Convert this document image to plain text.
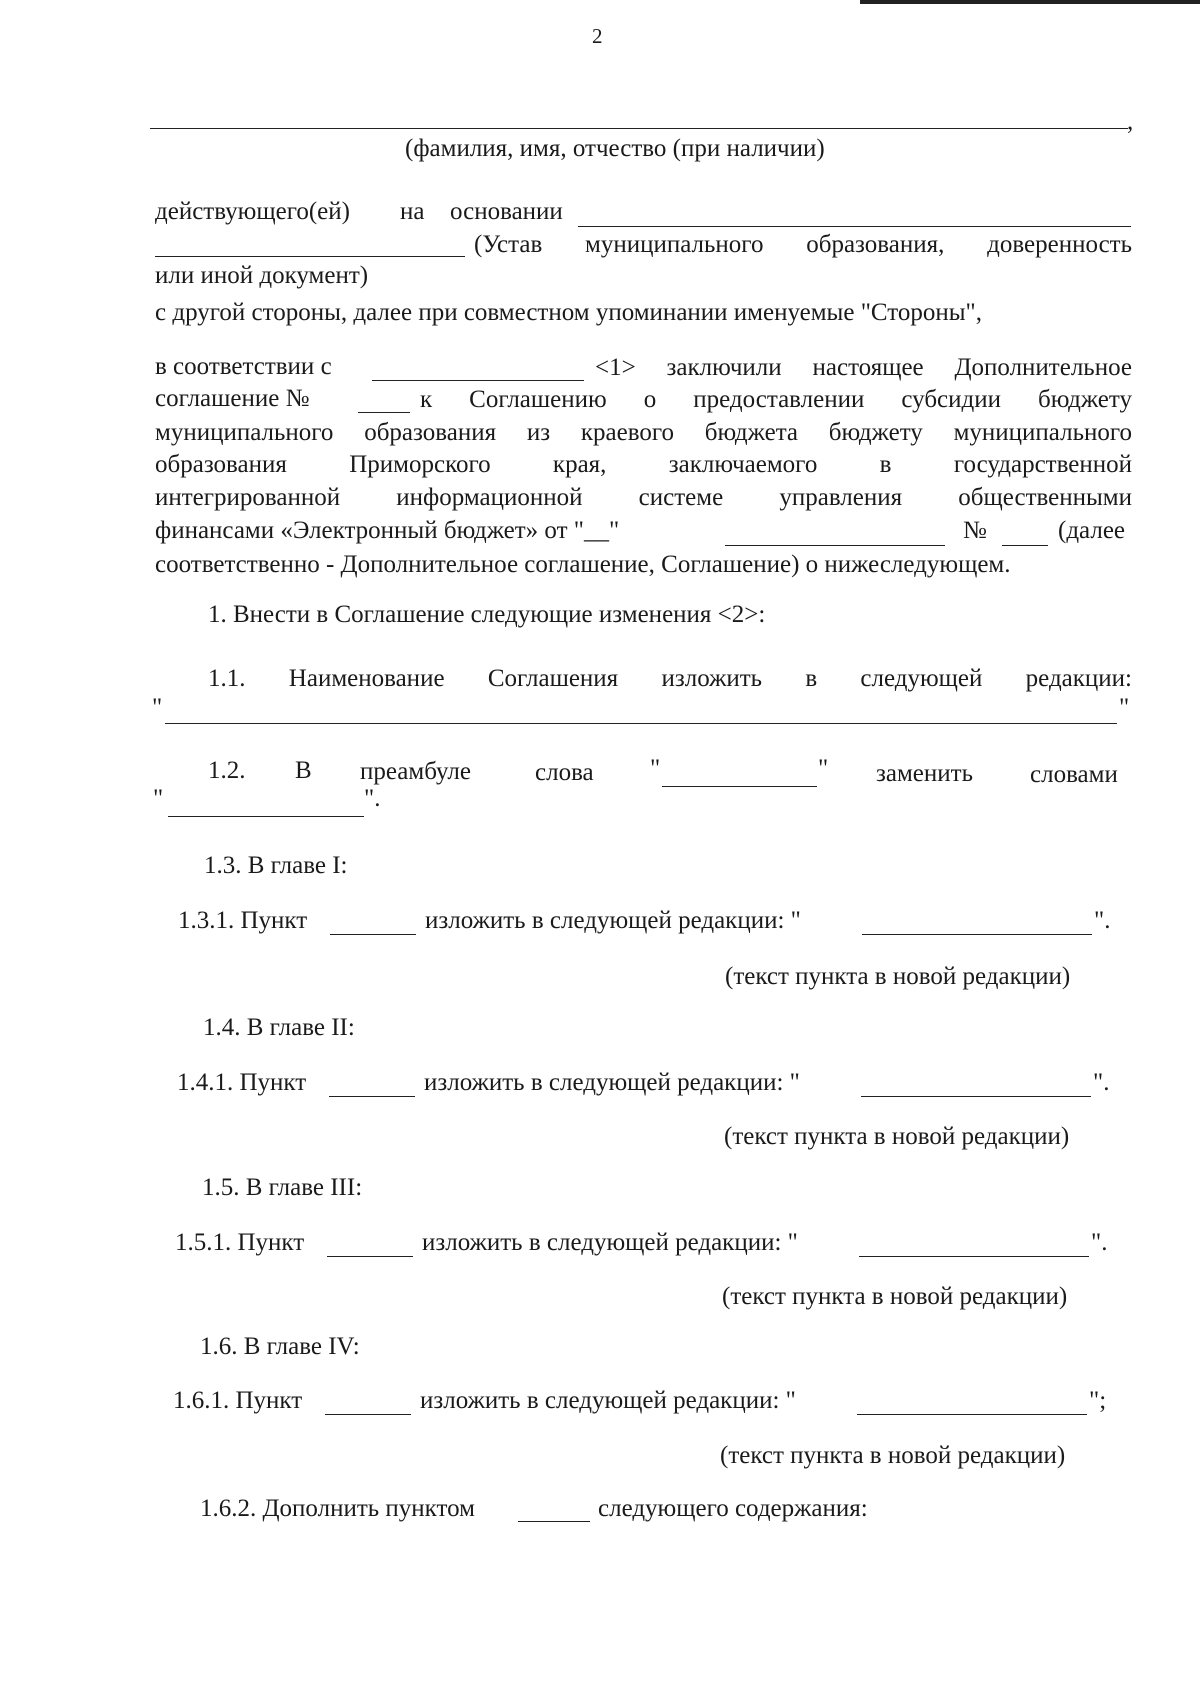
2
,
(фамилия, имя, отчество (при наличии)
действующего(ей) на основании
(Устав муниципального образования, доверенность
или иной документ)
с другой стороны, далее при совместном упоминании именуемые "Стороны",
в соответствии с	<1> заключили настоящее Дополнительное
соглашение №	к Соглашению о предоставлении субсидии бюджету
муниципального образования из краевого бюджета бюджету муниципального
образования Приморского края, заключаемого в государственной
интегрированной информационной системе управления общественными
финансами «Электронный бюджет» от "__"	№	(далее
соответственно - Дополнительное соглашение, Соглашение) о нижеследующем.
1. Внести в Соглашение следующие изменения <2>:
1.1. Наименование Соглашения изложить в следующей редакции:
"	"
1.2. В преамбуле	слова "	" заменить словами
"	".
1.3. В главе I:
1.3.1. Пункт	изложить в следующей редакции: "	".
(текст пункта в новой редакции)
1.4. В главе II:
1.4.1. Пункт	изложить в следующей редакции: "	".
(текст пункта в новой редакции)
1.5. В главе III:
1.5.1. Пункт	изложить в следующей редакции: "	".
(текст пункта в новой редакции)
1.6. В главе IV:
1.6.1. Пункт	изложить в следующей редакции: "	";
(текст пункта в новой редакции)
1.6.2. Дополнить пунктом	следующего содержания:
